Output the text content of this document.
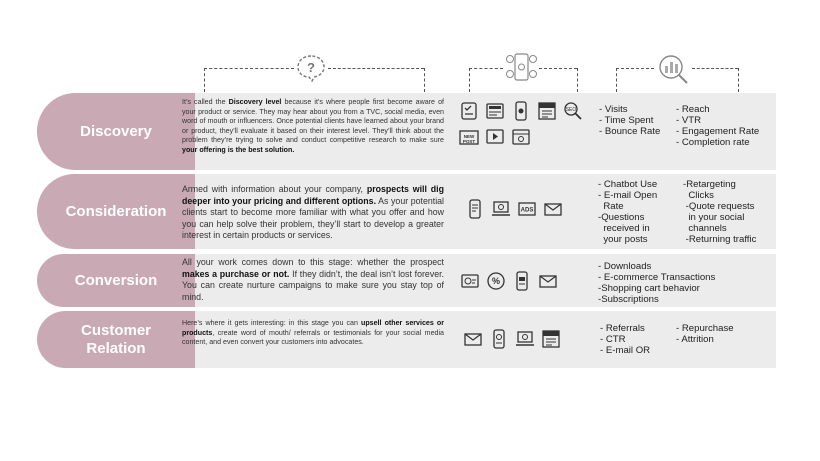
?
Discovery
It’s called the Discovery level because it’s where people first become aware of your product or service. They may hear about you from a TVC, social media, even word of mouth or influencers. Once potential clients have learned about your brand or product, they’ll evaluate it based on their interest level. They’ll think about the problem they’re trying to solve and conduct competitive research to make sure your offering is the best solution.
SEO
NEW
POST
- Visits
- Time Spent
- Bounce Rate
- Reach
- VTR
- Engagement Rate
- Completion rate
Consideration
Armed with information about your company, prospects will dig deeper into your pricing and different options. As your potential clients start to become more familiar with what you offer and how you can help solve their problem, they’ll start to develop a greater interest in certain products or services.
ADS
- Chatbot Use
- E-mail Open
Rate
-Questions
received in
your posts
-Retargeting
Clicks
-Quote requests
in your social
channels
-Returning traffic
Conversion
All your work comes down to this stage: whether the prospect makes a purchase or not. If they didn’t, the deal isn’t lost forever. You can create nurture campaigns to make sure you stay top of mind.
%
- Downloads
- E-commerce Transactions
-Shopping cart behavior
-Subscriptions
Customer Relation
Here’s where it gets interesting: in this stage you can upsell other services or products, create word of mouth/ referrals or testimonials for your social media content, and even convert your customers into advocates.
- Referrals
- CTR
- E-mail OR
- Repurchase
- Attrition
